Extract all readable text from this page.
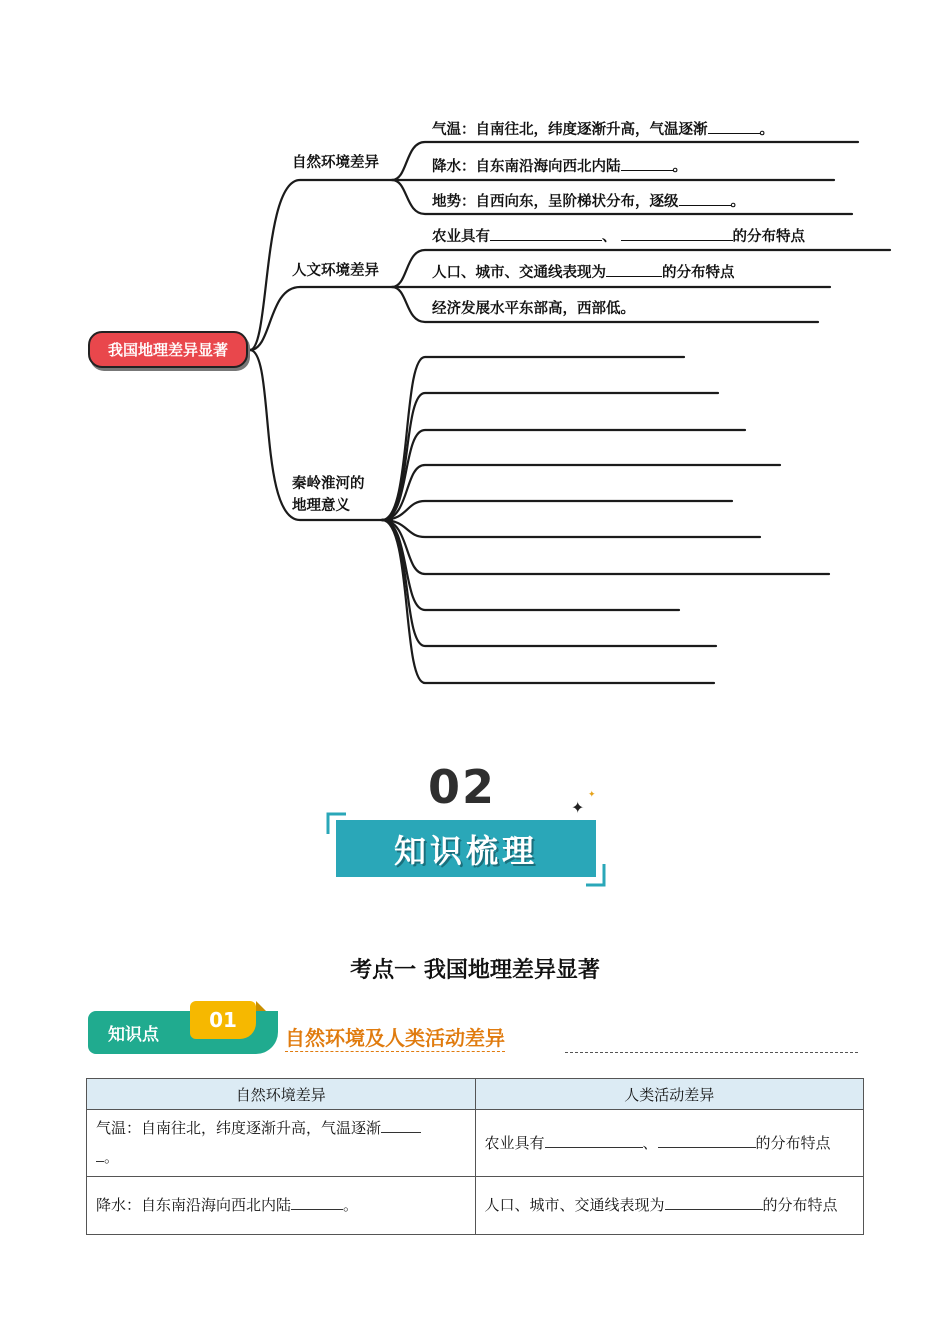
我国地理差异显著
自然环境差异
人文环境差异
秦岭淮河的
地理意义
气温：自南往北，纬度逐渐升高，气温逐渐	。
降水：自东南沿海向西北内陆	。
地势：自西向东，呈阶梯状分布，逐级	。
农业具有	、	的分布特点
人口、城市、交通线表现为	的分布特点
经济发展水平东部高，西部低。
02
知识梳理
✦
✦
考点一 我国地理差异显著
知识点
01
自然环境及人类活动差异
自然环境差异	人类活动差异
气温：自南往北，纬度逐渐升高，气温逐渐
。	农业具有 、 的分布特点
降水：自东南沿海向西北内陆 。	人口、城市、交通线表现为 的分布特点
